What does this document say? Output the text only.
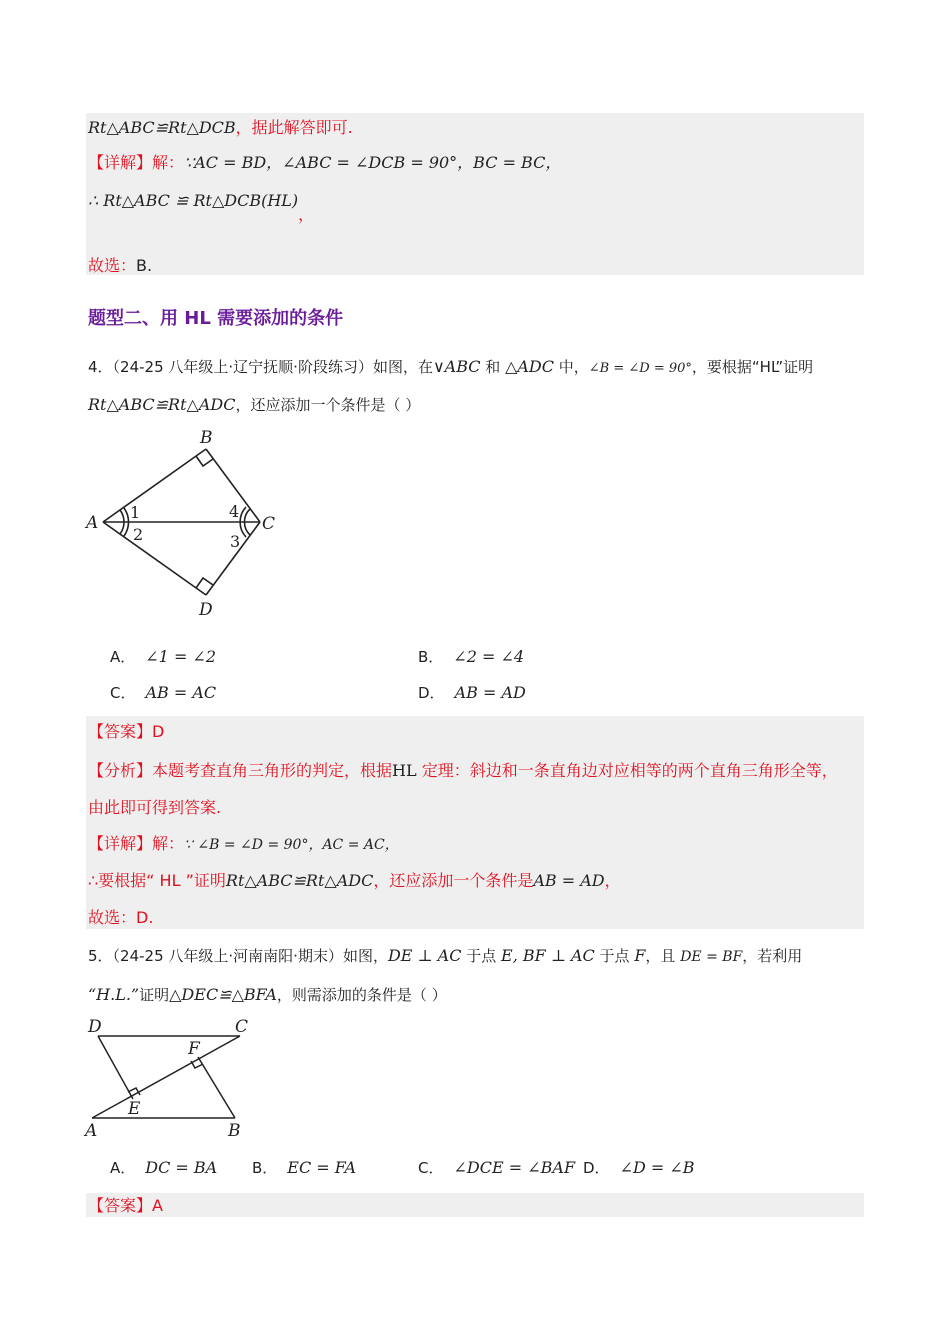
Rt△ABC≌Rt△DCB，据此解答即可.
【详解】解：∵AC = BD，∠ABC = ∠DCB = 90°，BC = BC，
∴ Rt△ABC ≌ Rt△DCB(HL)，
故选：B.
题型二、用 HL 需要添加的条件
4．（24-25 八年级上·辽宁抚顺·阶段练习）如图，在∨ABC 和 △ADC 中，∠B = ∠D = 90°，要根据“HL”证明
Rt△ABC≌Rt△ADC，还应添加一个条件是（ ）
A
B
C
D
1
2	3
4
A． ∠1 = ∠2	B． ∠2 = ∠4
C． AB = AC	D． AB = AD
【答案】D
【分析】本题考查直角三角形的判定，根据HL 定理：斜边和一条直角边对应相等的两个直角三角形全等，
由此即可得到答案.
【详解】解：∵ ∠B = ∠D = 90°，AC = AC，
∴要根据“ HL ”证明Rt△ABC≌Rt△ADC，还应添加一个条件是AB = AD，
故选：D.
5．（24-25 八年级上·河南南阳·期末）如图，DE ⊥ AC 于点 E, BF ⊥ AC 于点 F，且 DE = BF，若利用
“H.L.”证明△DEC≌△BFA，则需添加的条件是（ ）
D	C
F
E
A	B
A． DC = BA B． EC = FA	C． ∠DCE = ∠BAF D． ∠D = ∠B
【答案】A
